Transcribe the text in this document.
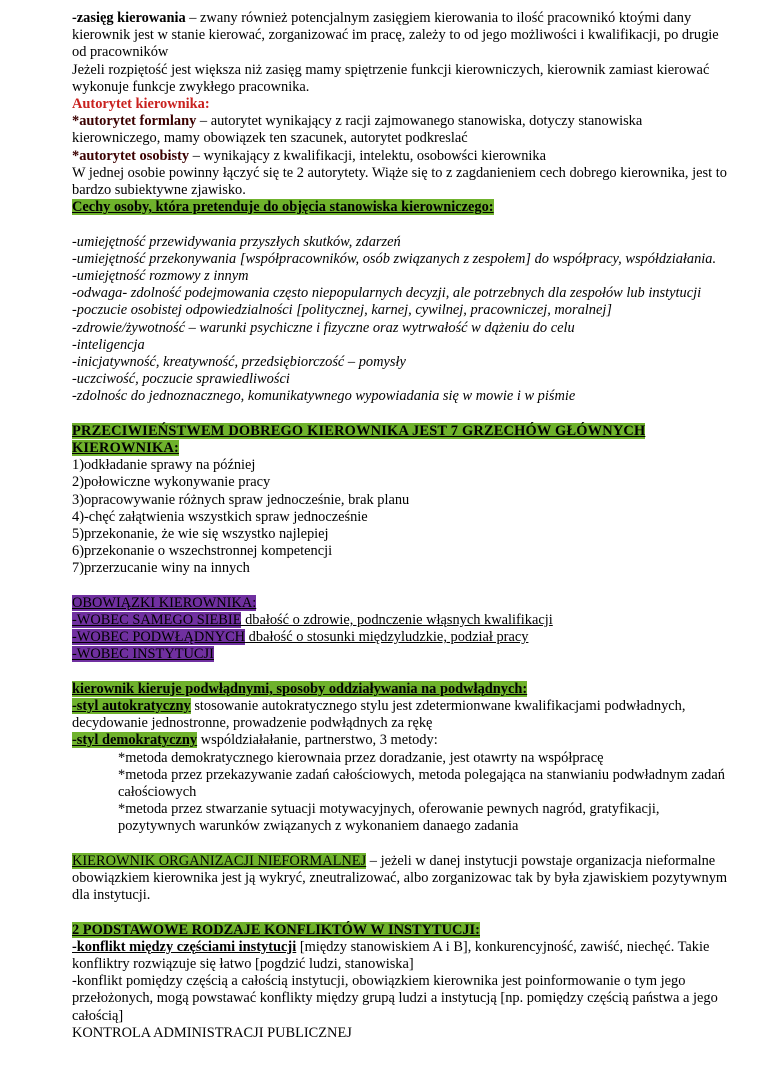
-zasięg kierowania – zwany również potencjalnym zasięgiem kierowania to ilość pracownikó ktoými dany kierownik jest w stanie kierować, zorganizować im pracę, zależy to od jego możliwości i kwalifikacji, po drugie od pracowników

Jeżeli rozpiętość jest większa niż zasięg mamy spiętrzenie funkcji kierowniczych, kierownik zamiast kierować wykonuje funkcje zwykłego pracownika.

Autorytet kierownika:

*autorytet formlany – autorytet wynikający z racji zajmowanego stanowiska, dotyczy stanowiska kierowniczego, mamy obowiązek ten szacunek, autorytet podkreslać

*autorytet osobisty – wynikający z kwalifikacji, intelektu, osobowści kierownika

W jednej osobie powinny łączyć się te 2 autorytety. Wiąże się to z zagdanieniem cech dobrego kierownika, jest to bardzo subiektywne zjawisko.

Cechy osoby, która pretenduje do objęcia stanowiska kierowniczego:

-umiejętność przewidywania przyszłych skutków, zdarzeń

-umiejętność przekonywania [współpracowników, osób związanych z zespołem] do współpracy, współdziałania.

-umiejętność rozmowy z innym

-odwaga- zdolność podejmowania często niepopularnych decyzji, ale potrzebnych dla zespołów lub instytucji

-poczucie osobistej odpowiedzialności [politycznej, karnej, cywilnej, pracowniczej, moralnej]

-zdrowie/żywotność – warunki psychiczne i fizyczne oraz wytrwałość w dążeniu do celu

-inteligencja

-inicjatywność, kreatywność, przedsiębiorczość – pomysły

-uczciwość, poczucie sprawiedliwości

-zdolnośc do jednoznacznego, komunikatywnego wypowiadania się w mowie i w piśmie

PRZECIWIEŃSTWEM DOBREGO KIEROWNIKA JEST 7 GRZECHÓW GŁÓWNYCH
KIEROWNIKA:

1)odkładanie sprawy na później

2)połowiczne wykonywanie pracy

3)opracowywanie różnych spraw jednocześnie, brak planu

4)-chęć załątwienia wszystkich spraw jednocześnie

5)przekonanie, że wie się wszystko najlepiej

6)przekonanie o wszechstronnej kompetencji

7)przerzucanie winy na innych

OBOWIĄZKI KIEROWNIKA:

-WOBEC SAMEGO SIEBIE dbałość o zdrowie, podnczenie włąsnych kwalifikacji

-WOBEC PODWŁĄDNYCH dbałość o stosunki międzyludzkie, podział pracy

-WOBEC INSTYTUCJI

kierownik kieruje podwłądnymi, sposoby oddziaływania na podwłądnych:

-styl autokratyczny stosowanie autokratycznego stylu jest zdetermionwane kwalifikacjami podwładnych, decydowanie jednostronne, prowadzenie podwłądnych za rękę

-styl demokratyczny wspóldziałałanie, partnerstwo, 3 metody:

*metoda demokratycznego kierownaia przez doradzanie, jest otawrty na współpracę

*metoda przez przekazywanie zadań całościowych, metoda polegająca na stanwianiu podwładnym zadań całościowych

*metoda przez stwarzanie sytuacji motywacyjnych, oferowanie pewnych nagród, gratyfikacji, pozytywnych warunków związanych z wykonaniem danaego zadania

KIEROWNIK ORGANIZACJI NIEFORMALNEJ – jeżeli w danej instytucji powstaje organizacja nieformalne obowiązkiem kierownika jest ją wykryć, zneutralizować, albo zorganizowac tak by była zjawiskiem pozytywnym dla instytucji.

2 PODSTAWOWE RODZAJE KONFLIKTÓW W INSTYTUCJI:

-konflikt między częściami instytucji [między stanowiskiem A i B], konkurencyjność, zawiść, niechęć. Takie konfliktry rozwiązuje się łatwo [pogdzić ludzi, stanowiska]

-konflikt pomiędzy częścią a całością instytucji, obowiązkiem kierownika jest poinformowanie o tym jego przełożonych, mogą powstawać konflikty między grupą ludzi a instytucją [np. pomiędzy częścią państwa a jego całością]

KONTROLA ADMINISTRACJI PUBLICZNEJ
